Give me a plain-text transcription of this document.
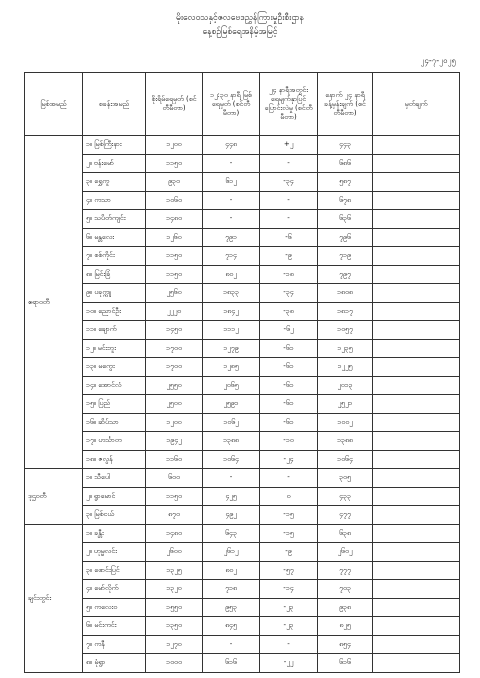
မိုးလေဝသနှင့်ဇလဗေဒညွှန်ကြားမှုဦးစီးဌာန
နေ့စဉ်မြစ်ရေအနိမ့်အမြင့်
၂၄-၇-၂၀၂၅
မြစ်အမည်	စခန်းအမည်	စိုးရိမ်ရေမှတ် (စင်တီမီတာ)	၁၂:၃၀ နာရီ မြစ်ရေမှတ် (စင်တီမီတာ)	၂၄ နာရီအတွင်း ရေမျက်နှာပြင် ပြောင်းလဲမှု (စင်တီမီတာ)	နောက် ၂၄ နာရီ ခန့်မှန်းချက် (စင်တီမီတာ)	မှတ်ချက်
ဧရာဝတီ	၁။ မြစ်ကြီးနား	၁၂၀၀	၄၄၈	+၂	၄၄၃	
	၂။ ဗန်းမော်	၁၁၅၀	-	-	၆၈၆	
	၃။ ရွှေကူ	၉၃၀	၆၁၂	-၃၄	၅၈၇	
	၄။ ကသာ	၁၀၆၀	-	-	၆၇၈	
	၅။ သပိတ်ကျင်း	၁၄၈၀	-	-	၆၃၆	
	၆။ မန္တလေး	၁၂၆၀	၇၉၁	-၆	၇၉၆	
	၇။ စစ်ကိုင်း	၁၁၅၀	၇၁၄	-၉	၇၁၉	
	၈။ မြင်းခြံ	၁၁၅၀	၈၀၂	-၁၈	၇၉၇	
	၉။ ပခုက္ကူ	၂၅၆၀	၁၈၃၃	-၃၄	၁၈၀၈	
	၁၀။ ညောင်ဦး	၂၂၂၀	၁၈၄၂	-၃၈	၁၈၁၇	
	၁၁။ ချောက်	၁၄၅၀	၁၁၁၂	-၆၂	၁၀၅၇	
	၁၂။ မင်းဘူး	၁၇၀၀	၁၂၇၉	-၆၁	၁၂၃၅	
	၁၃။ မကွေး	၁၇၀၀	၁၂၈၅	-၆၁	၁၂၂၅	
	၁၄။ အောင်လံ	၂၅၅၀	၂၀၆၅	-၆၁	၂၀၁၃	
	၁၅။ ပြည်	၂၅၀၀	၂၅၉၁	-၆၁	၂၅၂၁	
	၁၆။ ဆိပ်သာ	၁၂၀၀	၁၀၆၂	-၆၁	၁၀၀၂	
	၁၇။ ဟင်္သာတ	၁၉၄၂	၁၃၈၈	-၁၀	၁၃၈၈	
	၁၈။ ဇလွန်	၁၁၆၀	၁၀၆၄	-၂၄	၁၀၆၄	
ဒုဌဝတီ	၁။ သီပေါ	၆၀၀	-	-	၃၀၅	
	၂။ ရွာမောင်	၁၁၅၀	၄၂၅	၀	၄၃၃	
	၃။ မြစ်ငယ်	၈၇၀	၄၉၂	-၁၅	၄၇၇	
ချင်းတွင်း	၁။ ခန္တီး	၁၄၈၀	၆၄၃	-၁၅	၆၃၈	
	၂။ ဟုမ္မလင်း	၂၆၀၀	၂၆၁၂	-၉	၂၆၀၂	
	၃။ ဖောင်းပြင်	၁၃၂၅	၈၀၂	-၅၇	၇၇၇	
	၄။ မော်လိုက်	၁၃၂၀	၇၁၈	-၁၄	၇၀၃	
	၅။ ကလေးဝ	၁၅၅၀	၉၅၃	-၂၃	၉၃၈	
	၆။ မင်းကင်း	၁၃၅၀	၈၄၅	-၂၃	၈၂၅	
	၇။ ကနီ	၁၂၇၀	-	-	၈၅၄	
	၈။ မုံရွာ	၁၀၀၀	၆၁၆	-၂၂	၆၁၆	
